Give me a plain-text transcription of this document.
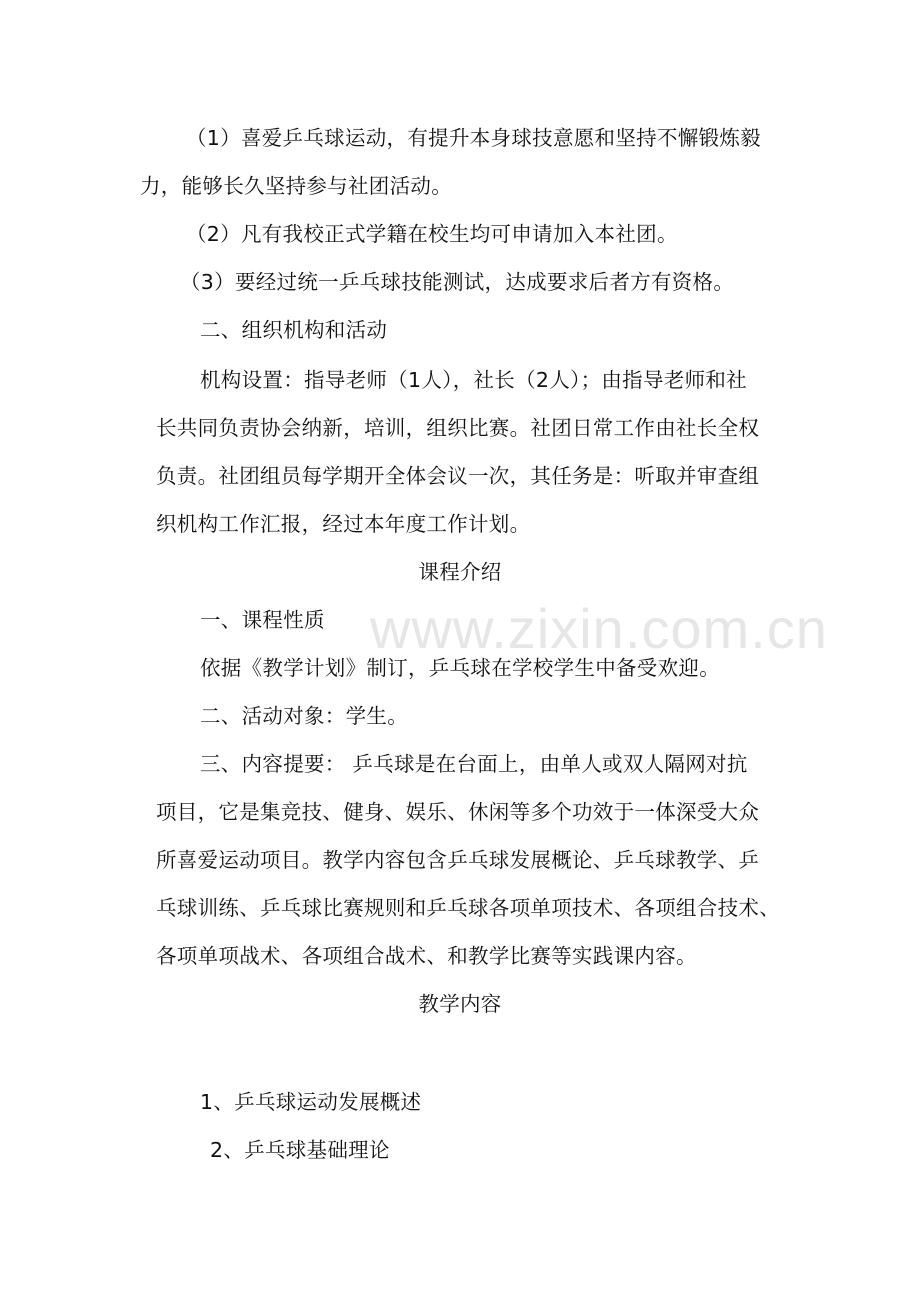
www.zixin.com.cn
（1）喜爱乒乓球运动，有提升本身球技意愿和坚持不懈锻炼毅
力，能够长久坚持参与社团活动。
（2）凡有我校正式学籍在校生均可申请加入本社团。
（3）要经过统一乒乓球技能测试，达成要求后者方有资格。
二、组织机构和活动
机构设置：指导老师（1人），社长（2人）；由指导老师和社
长共同负责协会纳新，培训，组织比赛。社团日常工作由社长全权
负责。社团组员每学期开全体会议一次，其任务是：听取并审查组
织机构工作汇报，经过本年度工作计划。
课程介绍
一、课程性质
依据《教学计划》制订，乒乓球在学校学生中备受欢迎。
二、活动对象：学生。
三、内容提要： 乒乓球是在台面上，由单人或双人隔网对抗
项目，它是集竞技、健身、娱乐、休闲等多个功效于一体深受大众
所喜爱运动项目。教学内容包含乒乓球发展概论、乒乓球教学、乒
乓球训练、乒乓球比赛规则和乒乓球各项单项技术、各项组合技术、
各项单项战术、各项组合战术、和教学比赛等实践课内容。
教学内容
1、乒乓球运动发展概述
2、乒乓球基础理论
